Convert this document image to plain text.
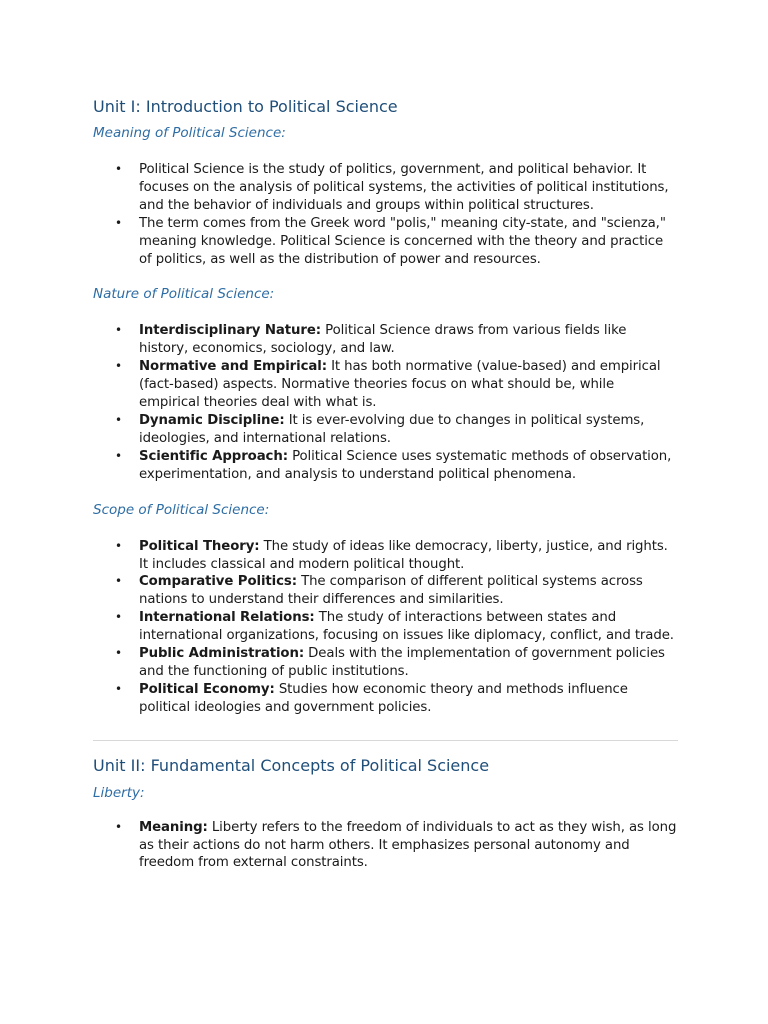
Unit I: Introduction to Political Science

Meaning of Political Science:

• Political Science is the study of politics, government, and political behavior. It focuses on the analysis of political systems, the activities of political institutions, and the behavior of individuals and groups within political structures.
• The term comes from the Greek word "polis," meaning city-state, and "scienza," meaning knowledge. Political Science is concerned with the theory and practice of politics, as well as the distribution of power and resources.

Nature of Political Science:

• Interdisciplinary Nature: Political Science draws from various fields like history, economics, sociology, and law.
• Normative and Empirical: It has both normative (value-based) and empirical (fact-based) aspects. Normative theories focus on what should be, while empirical theories deal with what is.
• Dynamic Discipline: It is ever-evolving due to changes in political systems, ideologies, and international relations.
• Scientific Approach: Political Science uses systematic methods of observation, experimentation, and analysis to understand political phenomena.

Scope of Political Science:

• Political Theory: The study of ideas like democracy, liberty, justice, and rights. It includes classical and modern political thought.
• Comparative Politics: The comparison of different political systems across nations to understand their differences and similarities.
• International Relations: The study of interactions between states and international organizations, focusing on issues like diplomacy, conflict, and trade.
• Public Administration: Deals with the implementation of government policies and the functioning of public institutions.
• Political Economy: Studies how economic theory and methods influence political ideologies and government policies.
Unit II: Fundamental Concepts of Political Science

Liberty:

• Meaning: Liberty refers to the freedom of individuals to act as they wish, as long as their actions do not harm others. It emphasizes personal autonomy and freedom from external constraints.
